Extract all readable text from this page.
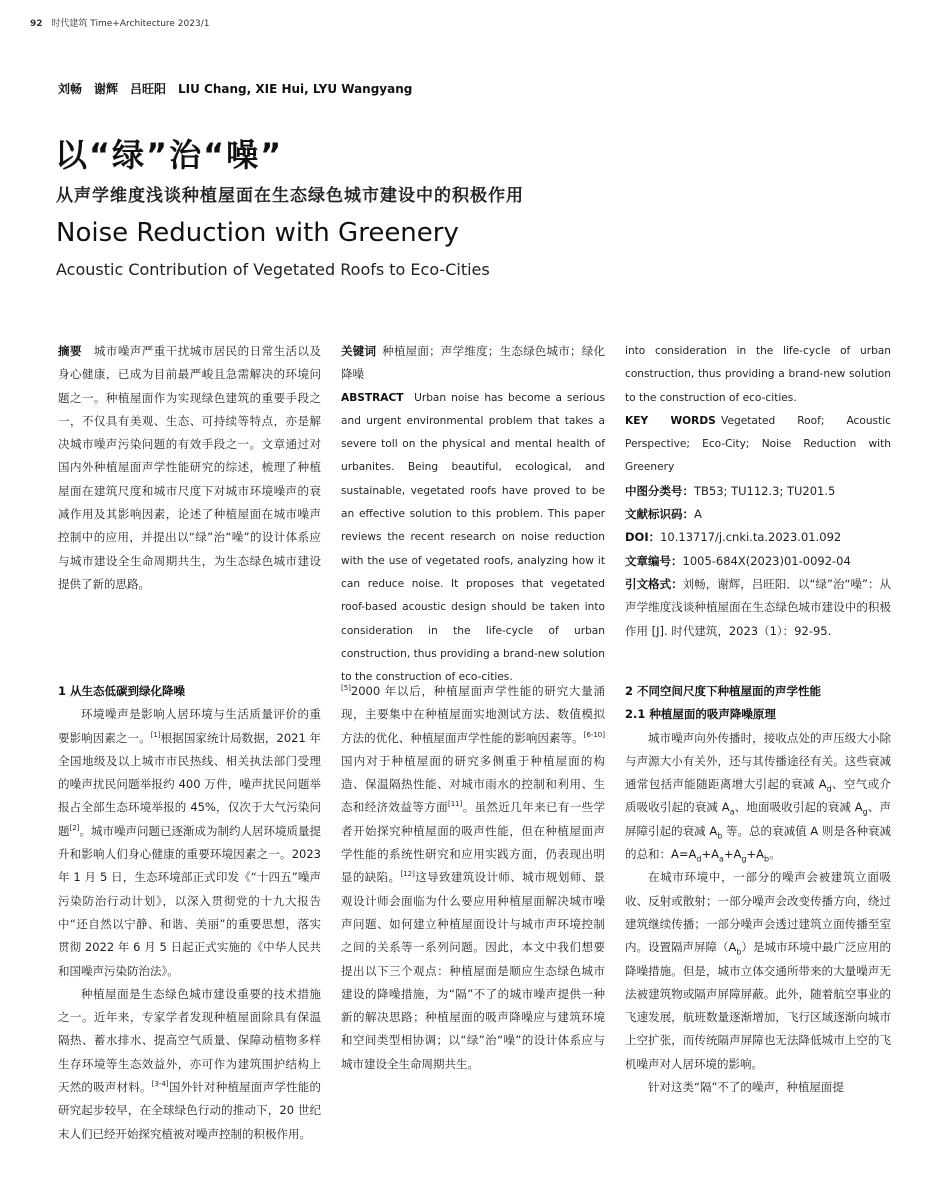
92 时代建筑 Time+Architecture 2023/1
刘畅　谢辉　吕旺阳　LIU Chang, XIE Hui, LYU Wangyang
以“绿”治“噪”
从声学维度浅谈种植屋面在生态绿色城市建设中的积极作用
Noise Reduction with Greenery
Acoustic Contribution of Vegetated Roofs to Eco-Cities

摘要  城市噪声严重干扰城市居民的日常生活以及身心健康，已成为目前最严峻且急需解决的环境问题之一。种植屋面作为实现绿色建筑的重要手段之一，不仅具有美观、生态、可持续等特点，亦是解决城市噪声污染问题的有效手段之一。文章通过对国内外种植屋面声学性能研究的综述，梳理了种植屋面在建筑尺度和城市尺度下对城市环境噪声的衰减作用及其影响因素，论述了种植屋面在城市噪声控制中的应用，并提出以“绿”治“噪”的设计体系应与城市建设全生命周期共生，为生态绿色城市建设提供了新的思路。

关键词  种植屋面；声学维度；生态绿色城市；绿化降噪

ABSTRACT   Urban noise has become a serious and urgent environmental problem that takes a severe toll on the physical and mental health of urbanites. Being beautiful, ecological, and sustainable, vegetated roofs have proved to be an effective solution to this problem. This paper reviews the recent research on noise reduction with the use of vegetated roofs, analyzing how it can reduce noise. It proposes that vegetated roof-based acoustic design should be taken into consideration in the life-cycle of urban construction, thus providing a brand-new solution to the construction of eco-cities.

into consideration in the life-cycle of urban construction, thus providing a brand-new solution to the construction of eco-cities.

KEY WORDS  Vegetated Roof; Acoustic Perspective; Eco-City; Noise Reduction with Greenery

中图分类号：TB53; TU112.3; TU201.5

文献标识码：A

DOI：10.13717/j.cnki.ta.2023.01.092

文章编号：1005-684X(2023)01-0092-04

引文格式：刘畅，谢辉，吕旺阳．以“绿”治“噪”：从声学维度浅谈种植屋面在生态绿色城市建设中的积极作用 [J]. 时代建筑，2023（1）：92-95.

1 从生态低碳到绿化降噪

环境噪声是影响人居环境与生活质量评价的重要影响因素之一。[1]根据国家统计局数据，2021 年全国地级及以上城市市民热线、相关执法部门受理的噪声扰民问题举报约 400 万件，噪声扰民问题举报占全部生态环境举报的 45%，仅次于大气污染问题[2]。城市噪声问题已逐渐成为制约人居环境质量提升和影响人们身心健康的重要环境因素之一。2023 年 1 月 5 日，生态环境部正式印发《“十四五”噪声污染防治行动计划》，以深入贯彻党的十九大报告中“还自然以宁静、和谐、美丽”的重要思想，落实贯彻 2022 年 6 月 5 日起正式实施的《中华人民共和国噪声污染防治法》。

种植屋面是生态绿色城市建设重要的技术措施之一。近年来，专家学者发现种植屋面除具有保温隔热、蓄水排水、提高空气质量、保障动植物多样生存环境等生态效益外，亦可作为建筑围护结构上天然的吸声材料。[3-4]国外针对种植屋面声学性能的研究起步较早，在全球绿色行动的推动下，20 世纪末人们已经开始探究植被对噪声控制的积极作用。

[5]2000 年以后，种植屋面声学性能的研究大量涌现，主要集中在种植屋面实地测试方法、数值模拟方法的优化、种植屋面声学性能的影响因素等。[6-10]国内对于种植屋面的研究多侧重于种植屋面的构造、保温隔热性能、对城市雨水的控制和利用、生态和经济效益等方面[11]。虽然近几年来已有一些学者开始探究种植屋面的吸声性能，但在种植屋面声学性能的系统性研究和应用实践方面，仍表现出明显的缺陷。[12]这导致建筑设计师、城市规划师、景观设计师会面临为什么要应用种植屋面解决城市噪声问题、如何建立种植屋面设计与城市声环境控制之间的关系等一系列问题。因此，本文中我们想要提出以下三个观点：种植屋面是顺应生态绿色城市建设的降噪措施，为“隔”不了的城市噪声提供一种新的解决思路；种植屋面的吸声降噪应与建筑环境和空间类型相协调；以“绿”治“噪”的设计体系应与城市建设全生命周期共生。

2 不同空间尺度下种植屋面的声学性能

2.1 种植屋面的吸声降噪原理

城市噪声向外传播时，接收点处的声压级大小除与声源大小有关外，还与其传播途径有关。这些衰减通常包括声能随距离增大引起的衰减 $A_d$、空气或介质吸收引起的衰减 $A_a$、地面吸收引起的衰减 $A_g$、声屏障引起的衰减 $A_b$ 等。总的衰减值 A 则是各种衰减的总和：$A=A_d+A_a+A_g+A_b$。

在城市环境中，一部分的噪声会被建筑立面吸收、反射或散射；一部分噪声会改变传播方向，绕过建筑继续传播；一部分噪声会透过建筑立面传播至室内。设置隔声屏障$(A_b)$是城市环境中最广泛应用的降噪措施。但是，城市立体交通所带来的大量噪声无法被建筑物或隔声屏障屏蔽。此外，随着航空事业的飞速发展，航班数量逐渐增加，飞行区域逐渐向城市上空扩张，而传统隔声屏障也无法降低城市上空的飞机噪声对人居环境的影响。

针对这类“隔”不了的噪声，种植屋面提
